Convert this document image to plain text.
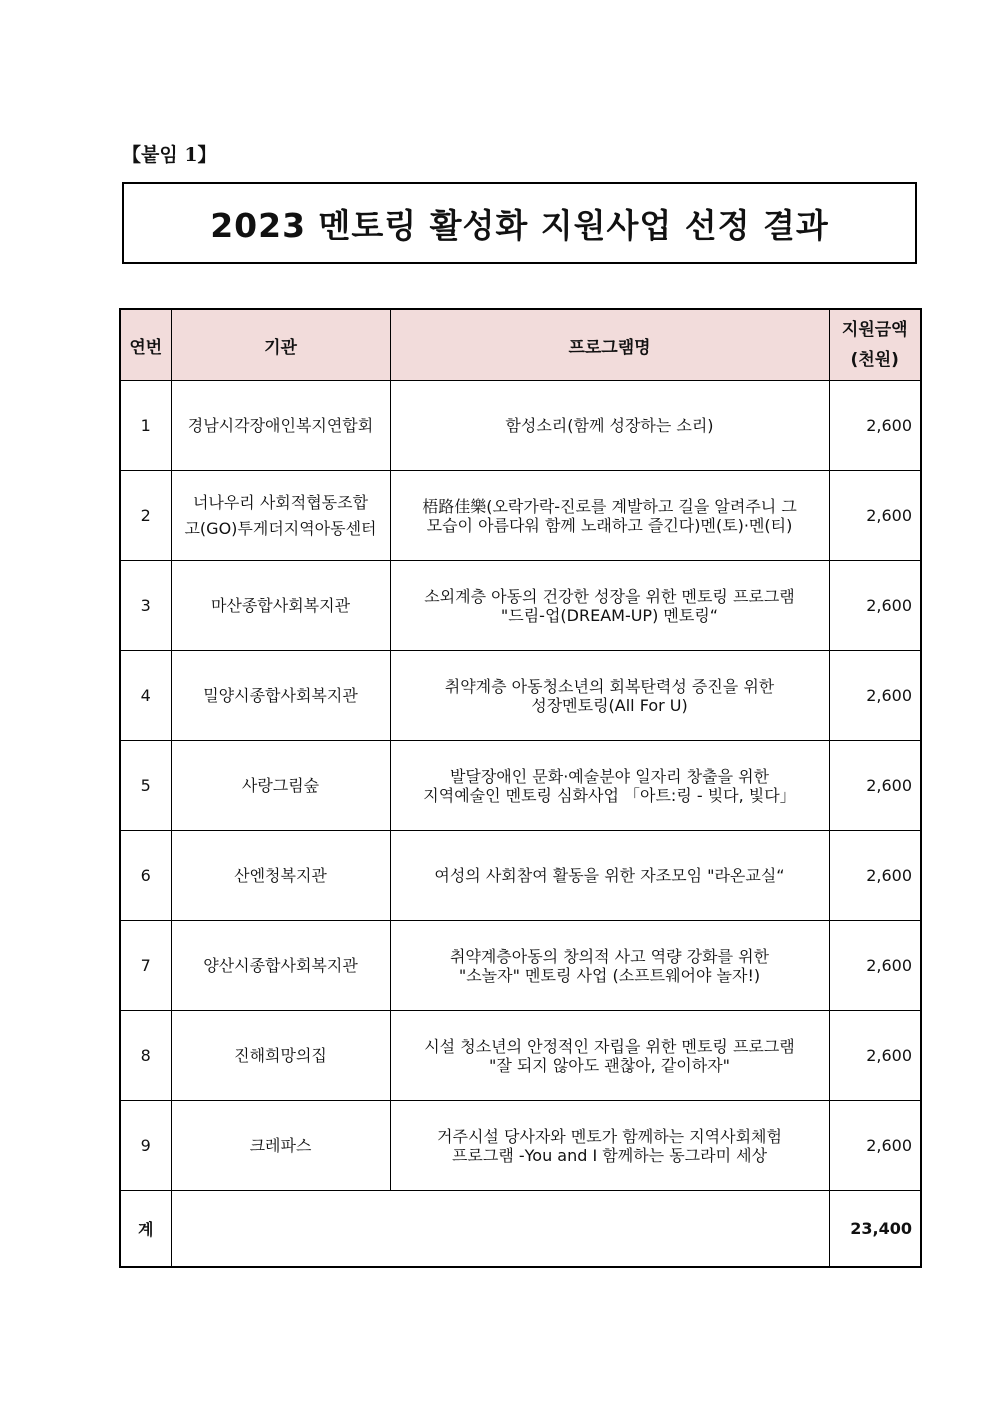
【붙임 1】
2023 멘토링 활성화 지원사업 선정 결과
연번	기관	프로그램명	지원금액
(천원)

1	경남시각장애인복지연합회	함성소리(함께 성장하는 소리)	2,600
2	너나우리 사회적협동조합
고(GO)투게더지역아동센터	梧路佳樂(오락가락-진로를 계발하고 길을 알려주니 그
모습이 아름다워 함께 노래하고 즐긴다)멘(토)·멘(티)	2,600
3	마산종합사회복지관	소외계층 아동의 건강한 성장을 위한 멘토링 프로그램
"드림-업(DREAM-UP) 멘토링“	2,600
4	밀양시종합사회복지관	취약계층 아동청소년의 회복탄력성 증진을 위한
성장멘토링(All For U)	2,600
5	사랑그림숲	발달장애인 문화·예술분야 일자리 창출을 위한
지역예술인 멘토링 심화사업 「아트:링 - 빚다, 빛다」	2,600
6	산엔청복지관	여성의 사회참여 활동을 위한 자조모임 "라온교실“	2,600
7	양산시종합사회복지관	취약계층아동의 창의적 사고 역량 강화를 위한
"소놀자" 멘토링 사업 (소프트웨어야 놀자!)	2,600
8	진해희망의집	시설 청소년의 안정적인 자립을 위한 멘토링 프로그램
"잘 되지 않아도 괜찮아, 같이하자"	2,600
9	크레파스	거주시설 당사자와 멘토가 함께하는 지역사회체험
프로그램 -You and I 함께하는 동그라미 세상	2,600
계			23,400
